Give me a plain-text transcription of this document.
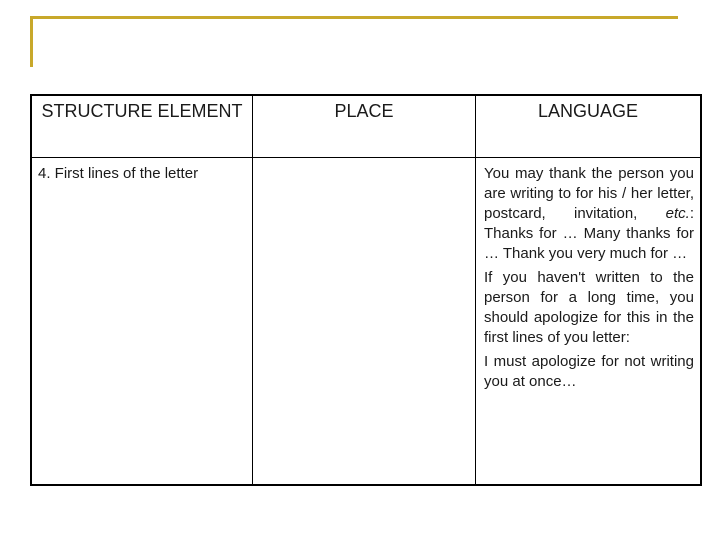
STRUCTURE ELEMENT	PLACE	LANGUAGE
4. First lines of the letter		You may thank the person you are writing to for his / her letter, postcard, invitation, etc.: Thanks for … Many thanks for … Thank you very much for …

If you haven't written to the person for a long time, you should apologize for this in the first lines of you letter:

I must apologize for not writing you at once…
